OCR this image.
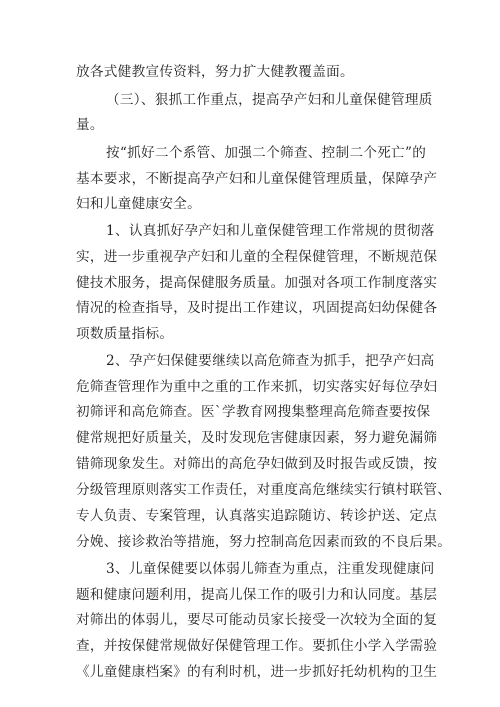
放各式健教宣传资料，努力扩大健教覆盖面。
（三）、狠抓工作重点，提高孕产妇和儿童保健管理质
量。
按“抓好二个系管、加强二个筛查、控制二个死亡”的
基本要求，不断提高孕产妇和儿童保健管理质量，保障孕产
妇和儿童健康安全。
1、认真抓好孕产妇和儿童保健管理工作常规的贯彻落
实，进一步重视孕产妇和儿童的全程保健管理，不断规范保
健技术服务，提高保健服务质量。加强对各项工作制度落实
情况的检查指导，及时提出工作建议，巩固提高妇幼保健各
项数质量指标。
2、孕产妇保健要继续以高危筛查为抓手，把孕产妇高
危筛查管理作为重中之重的工作来抓，切实落实好每位孕妇
初筛评和高危筛查。医`学教育网搜集整理高危筛查要按保
健常规把好质量关，及时发现危害健康因素，努力避免漏筛
错筛现象发生。对筛出的高危孕妇做到及时报告或反馈，按
分级管理原则落实工作责任，对重度高危继续实行镇村联管、
专人负责、专案管理，认真落实追踪随访、转诊护送、定点
分娩、接诊救治等措施，努力控制高危因素而致的不良后果。
3、儿童保健要以体弱儿筛查为重点，注重发现健康问
题和健康问题利用，提高儿保工作的吸引力和认同度。基层
对筛出的体弱儿，要尽可能动员家长接受一次较为全面的复
查，并按保健常规做好保健管理工作。要抓住小学入学需验
《儿童健康档案》的有利时机，进一步抓好托幼机构的卫生
